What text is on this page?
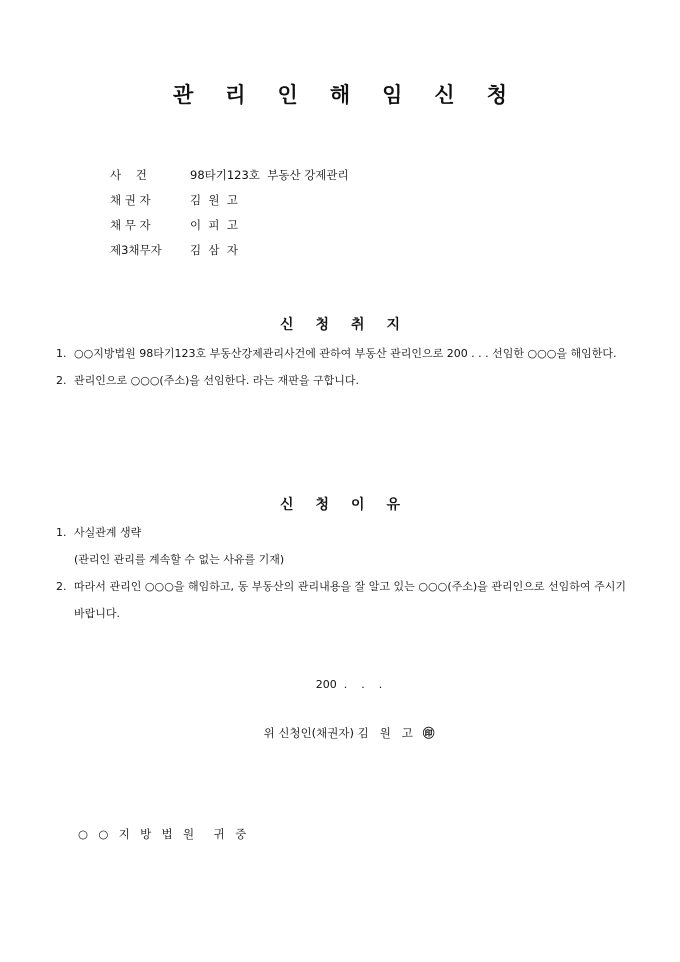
관리인해임신청
사    건	98타기123호  부동산 강제관리
채 권 자	김  원  고
채 무 자	이  피  고
제3채무자	김  삼  자
신청취지
1. ○○지방법원 98타기123호 부동산강제관리사건에 관하여 부동산 관리인으로 200 . . . 선임한 ○○○을 해임한다.
2. 관리인으로 ○○○(주소)을 선임한다. 라는 재판을 구합니다.
신청이유
1. 사실관계 생략
(관리인 관리를 계속할 수 없는 사유를 기재)
2. 따라서 관리인 ○○○을 해임하고, 동 부동산의 관리내용을 잘 알고 있는 ○○○(주소)을 관리인으로 선임하여 주시기 바랍니다.
200  .    .    .
위 신청인(채권자) 김   원   고 ㊞
○  ○  지  방  법  원    귀  중
